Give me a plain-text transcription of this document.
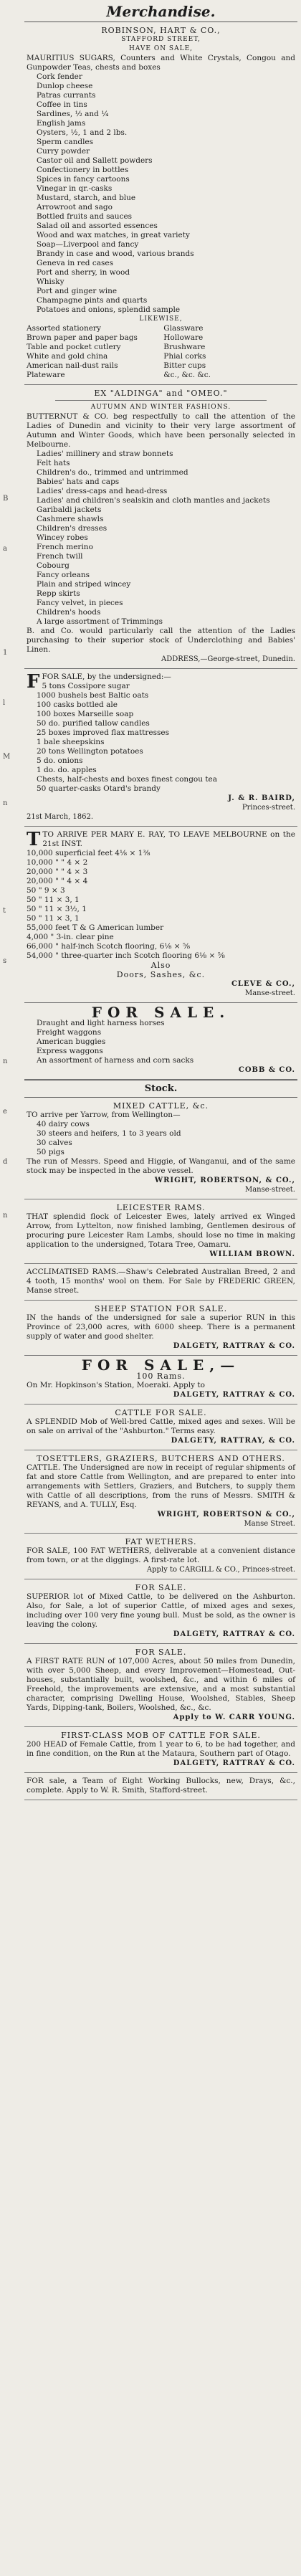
B
a
1
l
M
n
t
s
n
e
d
n
Merchandise.
ROBINSON, HART & CO.,
STAFFORD STREET,
HAVE ON SALE,
MAURITIUS SUGARS, Counters and White Crystals, Congou and Gunpowder Teas, chests and boxes
Cork fender
Dunlop cheese
Patras currants
Coffee in tins
Sardines, ½ and ¼
English jams
Oysters, ½, 1 and 2 lbs.
Sperm candles
Curry powder
Castor oil and Sallett powders
Confectionery in bottles
Spices in fancy cartoons
Vinegar in qr.-casks
Mustard, starch, and blue
Arrowroot and sago
Bottled fruits and sauces
Salad oil and assorted essences
Wood and wax matches, in great variety
Soap—Liverpool and fancy
Brandy in case and wood, various brands
Geneva in red cases
Port and sherry, in wood
Whisky
Port and ginger wine
Champagne pints and quarts
Potatoes and onions, splendid sample
LIKEWISE,
Assorted stationery	Glassware
Brown paper and paper bags	Holloware
Table and pocket cutlery	Brushware
White and gold china	Phial corks
American nail-dust rails	Bitter cups
Plateware	&c., &c. &c.
EX "ALDINGA" and "OMEO."
AUTUMN AND WINTER FASHIONS.
BUTTERNUT & CO. beg respectfully to call the attention of the Ladies of Dunedin and vicinity to their very large assortment of Autumn and Winter Goods, which have been personally selected in Melbourne.
Ladies' millinery and straw bonnets
Felt hats
Children's do., trimmed and untrimmed
Babies' hats and caps
Ladies' dress-caps and head-dress
Ladies' and children's sealskin and cloth mantles and jackets
Garibaldi jackets
Cashmere shawls
Children's dresses
Wincey robes
French merino
French twill
Cobourg
Fancy orleans
Plain and striped wincey
Repp skirts
Fancy velvet, in pieces
Children's hoods
A large assortment of Trimmings
B. and Co. would particularly call the attention of the Ladies purchasing to their superior stock of Underclothing and Babies' Linen.
ADDRESS,—George-street, Dunedin.
FFOR SALE, by the undersigned:—
5 tons Cossipore sugar
1000 bushels best Baltic oats
100 casks bottled ale
100 boxes Marseille soap
50 do. purified tallow candles
25 boxes improved flax mattresses
1 bale sheepskins
20 tons Wellington potatoes
5 do. onions
1 do. do. apples
Chests, half-chests and boxes finest congou tea
50 quarter-casks Otard's brandy
J. & R. BAIRD,
Princes-street.
21st March, 1862.
TTO ARRIVE PER MARY E. RAY, TO LEAVE MELBOURNE on the 21st INST.
10,000 superficial feet 4⅛ × 1⅜
10,000 " " 4 × 2
20,000 " " 4 × 3
20,000 " " 4 × 4
50 " 9 × 3
50 " 11 × 3, 1
50 " 11 × 3½, 1
50 " 11 × 3, 1
55,000 feet T & G American lumber
4,000 " 3-in. clear pine
66,000 " half-inch Scotch flooring, 6⅛ × ⅝
54,000 " three-quarter inch Scotch flooring 6⅛ × ⅝
Also
Doors, Sashes, &c.
CLEVE & CO.,
Manse-street.
FOR SALE.
Draught and light harness horses
Freight waggons
American buggies
Express waggons
An assortment of harness and corn sacks
COBB & CO.
Stock.
MIXED CATTLE, &c.
TO arrive per Yarrow, from Wellington—
40 dairy cows
30 steers and heifers, 1 to 3 years old
30 calves
50 pigs
The run of Messrs. Speed and Higgie, of Wanganui, and of the same stock may be inspected in the above vessel.
WRIGHT, ROBERTSON, & CO.,
Manse-street.
LEICESTER RAMS.
THAT splendid flock of Leicester Ewes, lately arrived ex Winged Arrow, from Lyttelton, now finished lambing, Gentlemen desirous of procuring pure Leicester Ram Lambs, should lose no time in making application to the undersigned, Totara Tree, Oamaru.
WILLIAM BROWN.
ACCLIMATISED RAMS.—Shaw's Celebrated Australian Breed, 2 and 4 tooth, 15 months' wool on them. For Sale by FREDERIC GREEN, Manse street.
SHEEP STATION FOR SALE.
IN the hands of the undersigned for sale a superior RUN in this Province of 23,000 acres, with 6000 sheep. There is a permanent supply of water and good shelter.
DALGETY, RATTRAY & CO.
FOR SALE,—
100 Rams.
On Mr. Hopkinson's Station, Moeraki. Apply to
DALGETY, RATTRAY & CO.
CATTLE FOR SALE.
A SPLENDID Mob of Well-bred Cattle, mixed ages and sexes. Will be on sale on arrival of the "Ashburton." Terms easy.
DALGETY, RATTRAY, & CO.
TOSETTLERS, GRAZIERS, BUTCHERS AND OTHERS.
CATTLE. The Undersigned are now in receipt of regular shipments of fat and store Cattle from Wellington, and are prepared to enter into arrangements with Settlers, Graziers, and Butchers, to supply them with Cattle of all descriptions, from the runs of Messrs. SMITH & REYANS, and A. TULLY, Esq.
WRIGHT, ROBERTSON & CO.,
Manse Street.
FAT WETHERS.
FOR SALE, 100 FAT WETHERS, deliverable at a convenient distance from town, or at the diggings. A first-rate lot.
Apply to CARGILL & CO., Princes-street.
FOR SALE.
SUPERIOR lot of Mixed Cattle, to be delivered on the Ashburton. Also, for Sale, a lot of superior Cattle, of mixed ages and sexes, including over 100 very fine young bull. Must be sold, as the owner is leaving the colony.
DALGETY, RATTRAY & CO.
FOR SALE.
A FIRST RATE RUN of 107,000 Acres, about 50 miles from Dunedin, with over 5,000 Sheep, and every Improvement—Homestead, Out-houses, substantially built, woolshed, &c., and within 6 miles of Freehold, the improvements are extensive, and a most substantial character, comprising Dwelling House, Woolshed, Stables, Sheep Yards, Dipping-tank, Boilers, Woolshed, &c., &c.
Apply to W. CARR YOUNG.
FIRST-CLASS MOB OF CATTLE FOR SALE.
200 HEAD of Female Cattle, from 1 year to 6, to be had together, and in fine condition, on the Run at the Mataura, Southern part of Otago.
DALGETY, RATTRAY & CO.
FOR sale, a Team of Eight Working Bullocks, new, Drays, &c., complete. Apply to W. R. Smith, Stafford-street.
